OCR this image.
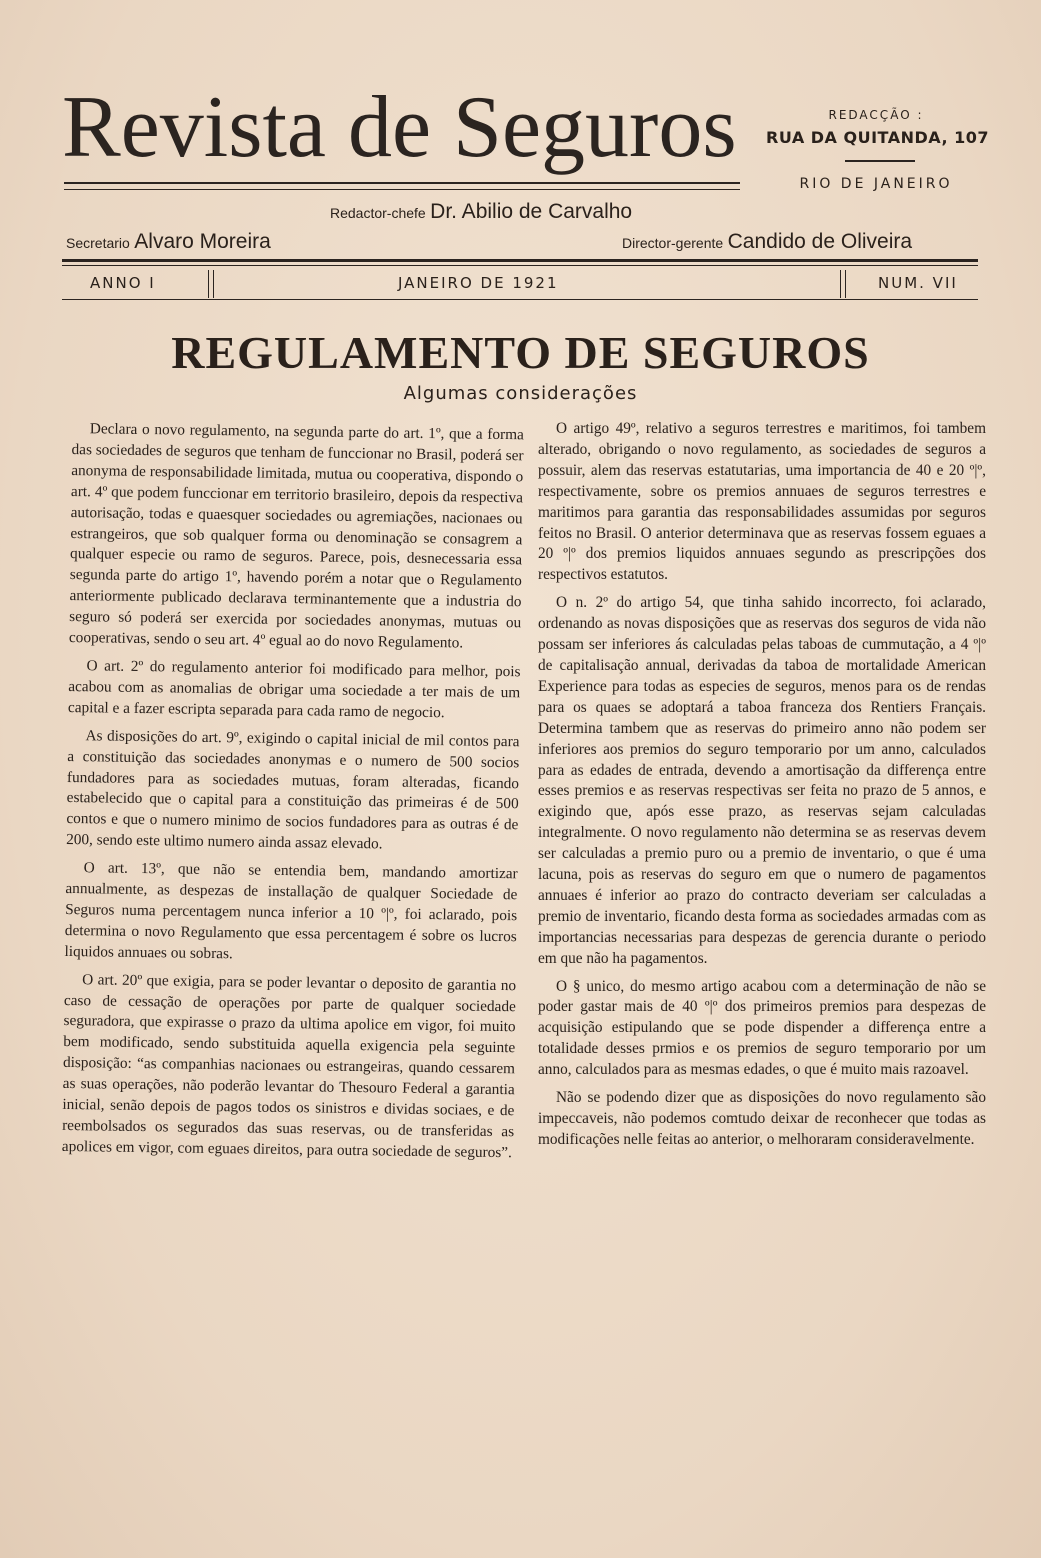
Revista de Seguros	REDACÇÃO :
RUA DA QUITANDA, 107
RIO DE JANEIRO
Redactor-chefe Dr. Abilio de Carvalho
Secretario Alvaro Moreira	Director-gerente Candido de Oliveira
ANNO I	JANEIRO DE 1921	NUM. VII
REGULAMENTO DE SEGUROS
Algumas considerações

Declara o novo regulamento, na segunda parte do art. 1º, que a forma das sociedades de seguros que tenham de funccionar no Brasil, poderá ser anonyma de responsabilidade limitada, mutua ou cooperativa, dispondo o art. 4º que podem funccionar em territorio brasileiro, depois da respectiva autorisação, todas e quaesquer sociedades ou agremiações, nacionaes ou estrangeiros, que sob qualquer forma ou denominação se consagrem a qualquer especie ou ramo de seguros. Parece, pois, desnecessaria essa segunda parte do artigo 1º, havendo porém a notar que o Regulamento anteriormente publicado declarava terminantemente que a industria do seguro só poderá ser exercida por sociedades anonymas, mutuas ou cooperativas, sendo o seu art. 4º egual ao do novo Regulamento.

O art. 2º do regulamento anterior foi modificado para melhor, pois acabou com as anomalias de obrigar uma sociedade a ter mais de um capital e a fazer escripta separada para cada ramo de negocio.

As disposições do art. 9º, exigindo o capital inicial de mil contos para a constituição das sociedades anonymas e o numero de 500 socios fundadores para as sociedades mutuas, foram alteradas, ficando estabelecido que o capital para a constituição das primeiras é de 500 contos e que o numero minimo de socios fundadores para as outras é de 200, sendo este ultimo numero ainda assaz elevado.

O art. 13º, que não se entendia bem, mandando amortizar annualmente, as despezas de installação de qualquer Sociedade de Seguros numa percentagem nunca inferior a 10 º|º, foi aclarado, pois determina o novo Regulamento que essa percentagem é sobre os lucros liquidos annuaes ou sobras.

O art. 20º que exigia, para se poder levantar o deposito de garantia no caso de cessação de operações por parte de qualquer sociedade seguradora, que expirasse o prazo da ultima apolice em vigor, foi muito bem modificado, sendo substituida aquella exigencia pela seguinte disposição: “as companhias nacionaes ou estrangeiras, quando cessarem as suas operações, não poderão levantar do Thesouro Federal a garantia inicial, senão depois de pagos todos os sinistros e dividas sociaes, e de reembolsados os segurados das suas reservas, ou de transferidas as apolices em vigor, com eguaes direitos, para outra sociedade de seguros”.

O artigo 49º, relativo a seguros terrestres e maritimos, foi tambem alterado, obrigando o novo regulamento, as sociedades de seguros a possuir, alem das reservas estatutarias, uma importancia de 40 e 20 º|º, respectivamente, sobre os premios annuaes de seguros terrestres e maritimos para garantia das responsabilidades assumidas por seguros feitos no Brasil. O anterior determinava que as reservas fossem eguaes a 20 º|º dos premios liquidos annuaes segundo as prescripções dos respectivos estatutos.

O n. 2º do artigo 54, que tinha sahido incorrecto, foi aclarado, ordenando as novas disposições que as reservas dos seguros de vida não possam ser inferiores ás calculadas pelas taboas de cummutação, a 4 º|º de capitalisação annual, derivadas da taboa de mortalidade American Experience para todas as especies de seguros, menos para os de rendas para os quaes se adoptará a taboa franceza dos Rentiers Français. Determina tambem que as reservas do primeiro anno não podem ser inferiores aos premios do seguro temporario por um anno, calculados para as edades de entrada, devendo a amortisação da differença entre esses premios e as reservas respectivas ser feita no prazo de 5 annos, e exigindo que, após esse prazo, as reservas sejam calculadas integralmente. O novo regulamento não determina se as reservas devem ser calculadas a premio puro ou a premio de inventario, o que é uma lacuna, pois as reservas do seguro em que o numero de pagamentos annuaes é inferior ao prazo do contracto deveriam ser calculadas a premio de inventario, ficando desta forma as sociedades armadas com as importancias necessarias para despezas de gerencia durante o periodo em que não ha pagamentos.

O § unico, do mesmo artigo acabou com a determinação de não se poder gastar mais de 40 º|º dos primeiros premios para despezas de acquisição estipulando que se pode dispender a differença entre a totalidade desses prmios e os premios de seguro temporario por um anno, calculados para as mesmas edades, o que é muito mais razoavel.

Não se podendo dizer que as disposições do novo regulamento são impeccaveis, não podemos comtudo deixar de reconhecer que todas as modificações nelle feitas ao anterior, o melhoraram consideravelmente.
